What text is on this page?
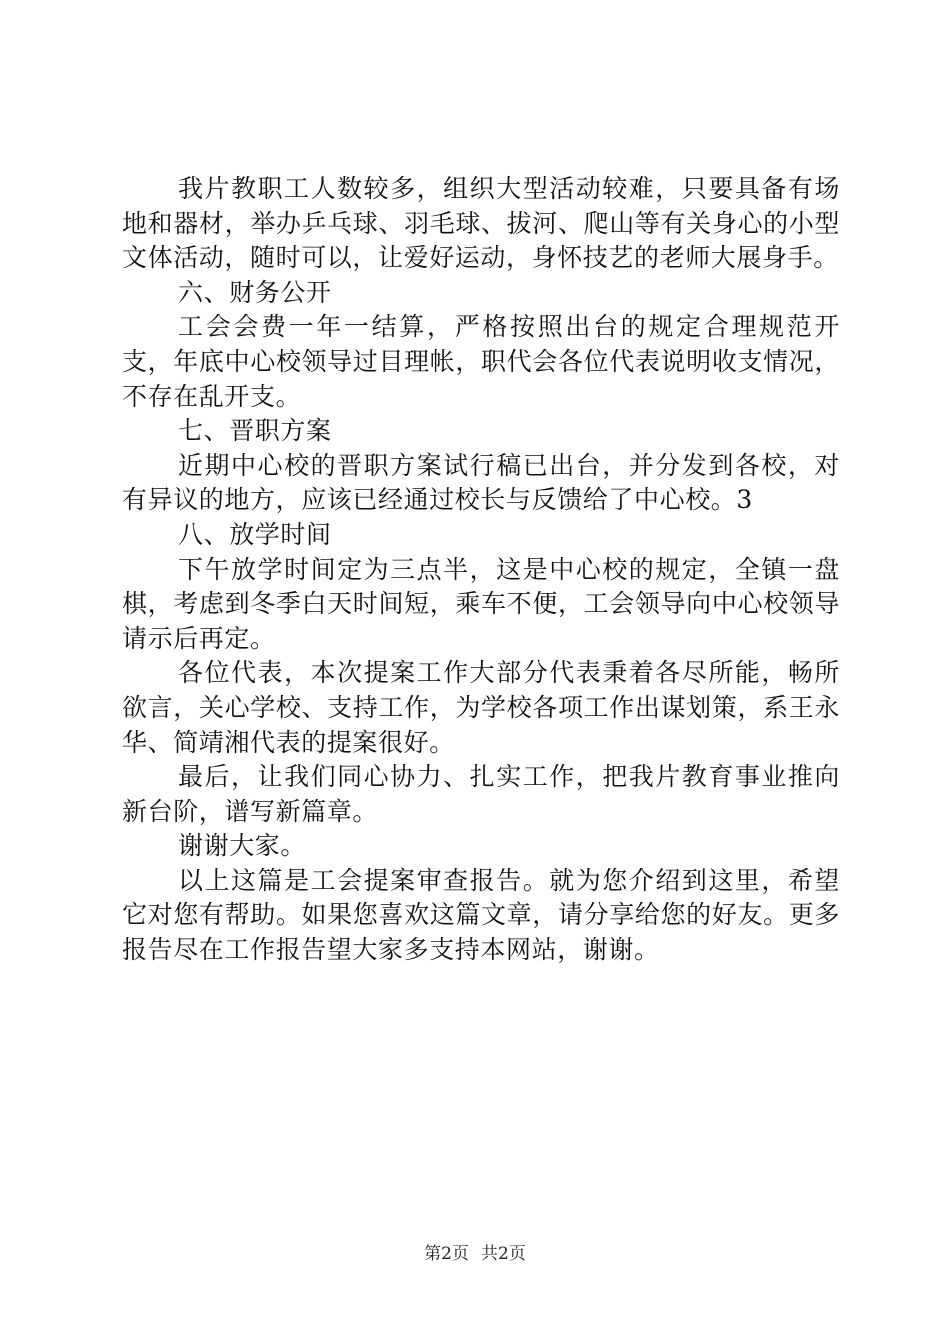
我片教职工人数较多，组织大型活动较难，只要具备有场地和器材，举办乒乓球、羽毛球、拔河、爬山等有关身心的小型文体活动，随时可以，让爱好运动，身怀技艺的老师大展身手。

六、财务公开

工会会费一年一结算，严格按照出台的规定合理规范开支，年底中心校领导过目理帐，职代会各位代表说明收支情况，不存在乱开支。

七、晋职方案

近期中心校的晋职方案试行稿已出台，并分发到各校，对有异议的地方，应该已经通过校长与反馈给了中心校。3

八、放学时间

下午放学时间定为三点半，这是中心校的规定，全镇一盘棋，考虑到冬季白天时间短，乘车不便，工会领导向中心校领导请示后再定。

各位代表，本次提案工作大部分代表秉着各尽所能，畅所欲言，关心学校、支持工作，为学校各项工作出谋划策，系王永华、简靖湘代表的提案很好。

最后，让我们同心协力、扎实工作，把我片教育事业推向新台阶，谱写新篇章。

谢谢大家。

以上这篇是工会提案审查报告。就为您介绍到这里，希望它对您有帮助。如果您喜欢这篇文章，请分享给您的好友。更多报告尽在工作报告望大家多支持本网站，谢谢。

第2页 共2页
